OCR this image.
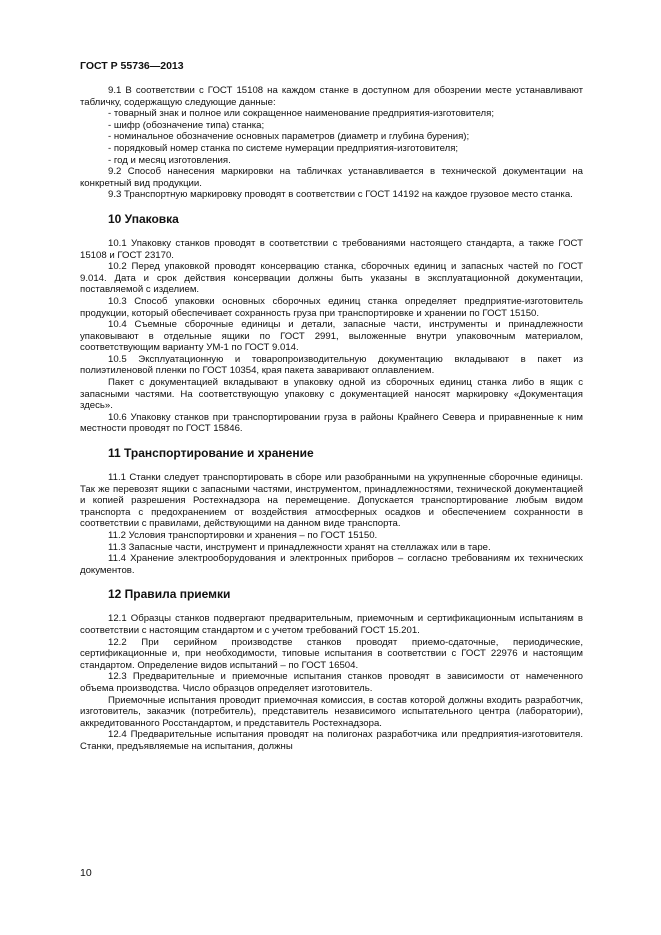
ГОСТ Р 55736—2013

9.1 В соответствии с ГОСТ 15108 на каждом станке в доступном для обозрении месте устанавливают табличку, содержащую следующие данные:

- товарный знак и полное или сокращенное наименование предприятия-изготовителя;

- шифр (обозначение типа) станка;

- номинальное обозначение основных параметров (диаметр и глубина бурения);

- порядковый номер станка по системе нумерации предприятия-изготовителя;

- год и месяц изготовления.

9.2 Способ нанесения маркировки на табличках устанавливается в технической документации на конкретный вид продукции.

9.3 Транспортную маркировку проводят в соответствии с ГОСТ 14192 на каждое грузовое место станка.

10 Упаковка

10.1 Упаковку станков проводят в соответствии с требованиями настоящего стандарта, а также ГОСТ 15108 и ГОСТ 23170.

10.2 Перед упаковкой проводят консервацию станка, сборочных единиц и запасных частей по ГОСТ 9.014. Дата и срок действия консервации должны быть указаны в эксплуатационной документации, поставляемой с изделием.

10.3 Способ упаковки основных сборочных единиц станка определяет предприятие-изготовитель продукции, который обеспечивает сохранность груза при транспортировке и хранении по ГОСТ 15150.

10.4 Съемные сборочные единицы и детали, запасные части, инструменты и принадлежности упаковывают в отдельные ящики по ГОСТ 2991, выложенные внутри упаковочным материалом, соответствующим варианту УМ-1 по ГОСТ 9.014.

10.5 Эксплуатационную и товаропроизводительную документацию вкладывают в пакет из полиэтиленовой пленки по ГОСТ 10354, края пакета заваривают оплавлением.

Пакет с документацией вкладывают в упаковку одной из сборочных единиц станка либо в ящик с запасными частями. На соответствующую упаковку с документацией наносят маркировку «Документация здесь».

10.6 Упаковку станков при транспортировании груза в районы Крайнего Севера и приравненные к ним местности проводят по ГОСТ 15846.

11 Транспортирование и хранение

11.1 Станки следует транспортировать в сборе или разобранными на укрупненные сборочные единицы. Так же перевозят ящики с запасными частями, инструментом, принадлежностями, технической документацией и копией разрешения Ростехнадзора на перемещение. Допускается транспортирование любым видом транспорта с предохранением от воздействия атмосферных осадков и обеспечением сохранности в соответствии с правилами, действующими на данном виде транспорта.

11.2 Условия транспортировки и хранения – по ГОСТ 15150.

11.3 Запасные части, инструмент и принадлежности хранят на стеллажах или в таре.

11.4 Хранение электрооборудования и электронных приборов – согласно требованиям их технических документов.

12 Правила приемки

12.1 Образцы станков подвергают предварительным, приемочным и сертификационным испытаниям в соответствии с настоящим стандартом и с учетом требований ГОСТ 15.201.

12.2 При серийном производстве станков проводят приемо-сдаточные, периодические, сертификационные и, при необходимости, типовые испытания в соответствии с ГОСТ 22976 и настоящим стандартом. Определение видов испытаний – по ГОСТ 16504.

12.3 Предварительные и приемочные испытания станков проводят в зависимости от намеченного объема производства. Число образцов определяет изготовитель.

Приемочные испытания проводит приемочная комиссия, в состав которой должны входить разработчик, изготовитель, заказчик (потребитель), представитель независимого испытательного центра (лаборатории), аккредитованного Росстандартом, и представитель Ростехнадзора.

12.4 Предварительные испытания проводят на полигонах разработчика или предприятия-изготовителя. Станки, предъявляемые на испытания, должны

10
